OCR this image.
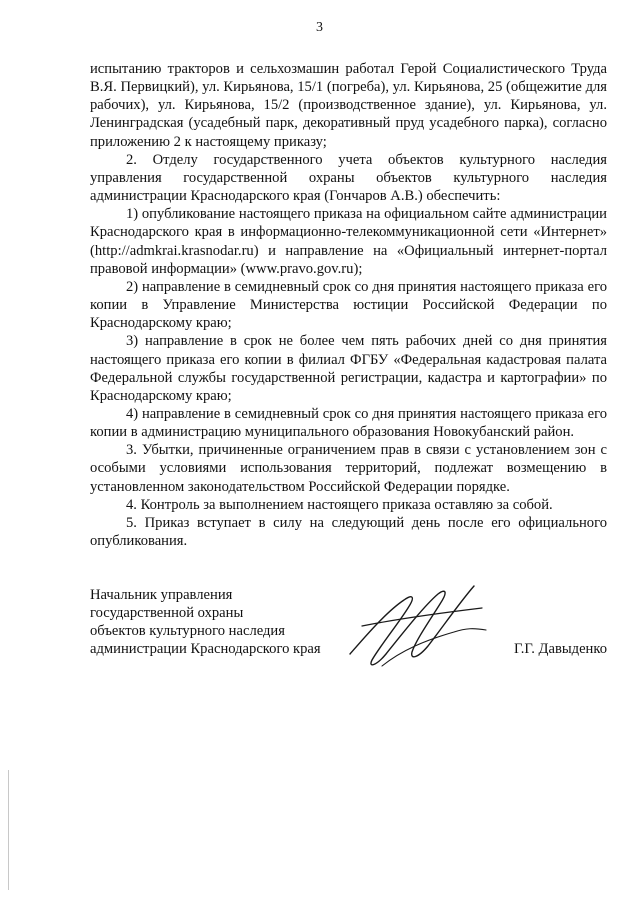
3

испытанию тракторов и сельхозмашин работал Герой Социалистического Труда В.Я. Первицкий), ул. Кирьянова, 15/1 (погреба), ул. Кирьянова, 25 (общежитие для рабочих), ул. Кирьянова, 15/2 (производственное здание), ул. Кирьянова, ул. Ленинградская (усадебный парк, декоративный пруд усадебного парка), согласно приложению 2 к настоящему приказу;

2. Отделу государственного учета объектов культурного наследия управления государственной охраны объектов культурного наследия администрации Краснодарского края (Гончаров А.В.) обеспечить:

1) опубликование настоящего приказа на официальном сайте администрации Краснодарского края в информационно-телекоммуникационной сети «Интернет» (http://admkrai.krasnodar.ru) и направление на «Официальный интернет-портал правовой информации» (www.pravo.gov.ru);

2) направление в семидневный срок со дня принятия настоящего приказа его копии в Управление Министерства юстиции Российской Федерации по Краснодарскому краю;

3) направление в срок не более чем пять рабочих дней со дня принятия настоящего приказа его копии в филиал ФГБУ «Федеральная кадастровая палата Федеральной службы государственной регистрации, кадастра и картографии» по Краснодарскому краю;

4) направление в семидневный срок со дня принятия настоящего приказа его копии в администрацию муниципального образования Новокубанский район.

3. Убытки, причиненные ограничением прав в связи с установлением зон с особыми условиями использования территорий, подлежат возмещению в установленном законодательством Российской Федерации порядке.

4. Контроль за выполнением настоящего приказа оставляю за собой.

5. Приказ вступает в силу на следующий день после его официального опубликования.

Начальник управления
государственной охраны
объектов культурного наследия
администрации Краснодарского края	Г.Г. Давыденко
